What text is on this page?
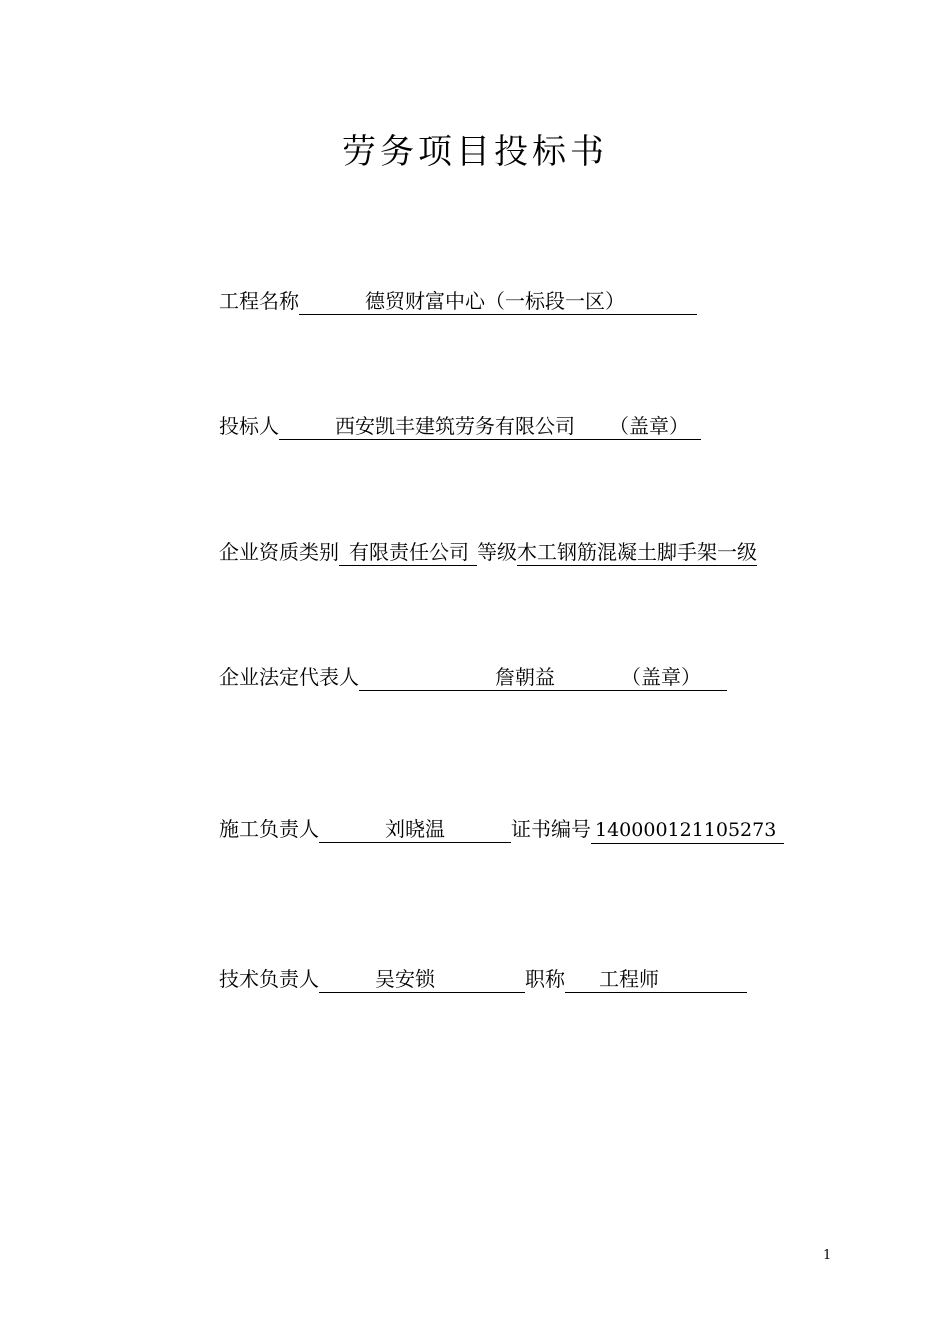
劳务项目投标书
工程名称	德贸财富中心（一标段一区）
投标人	西安凯丰建筑劳务有限公司 （盖章）
企业资质类别 有限责任公司 等级木工钢筋混凝土脚手架一级
企业法定代表人	詹朝益	（盖章）
施工负责人	刘晓温	证书编号 140000121105273
技术负责人	吴安锁	职称 工程师
1
